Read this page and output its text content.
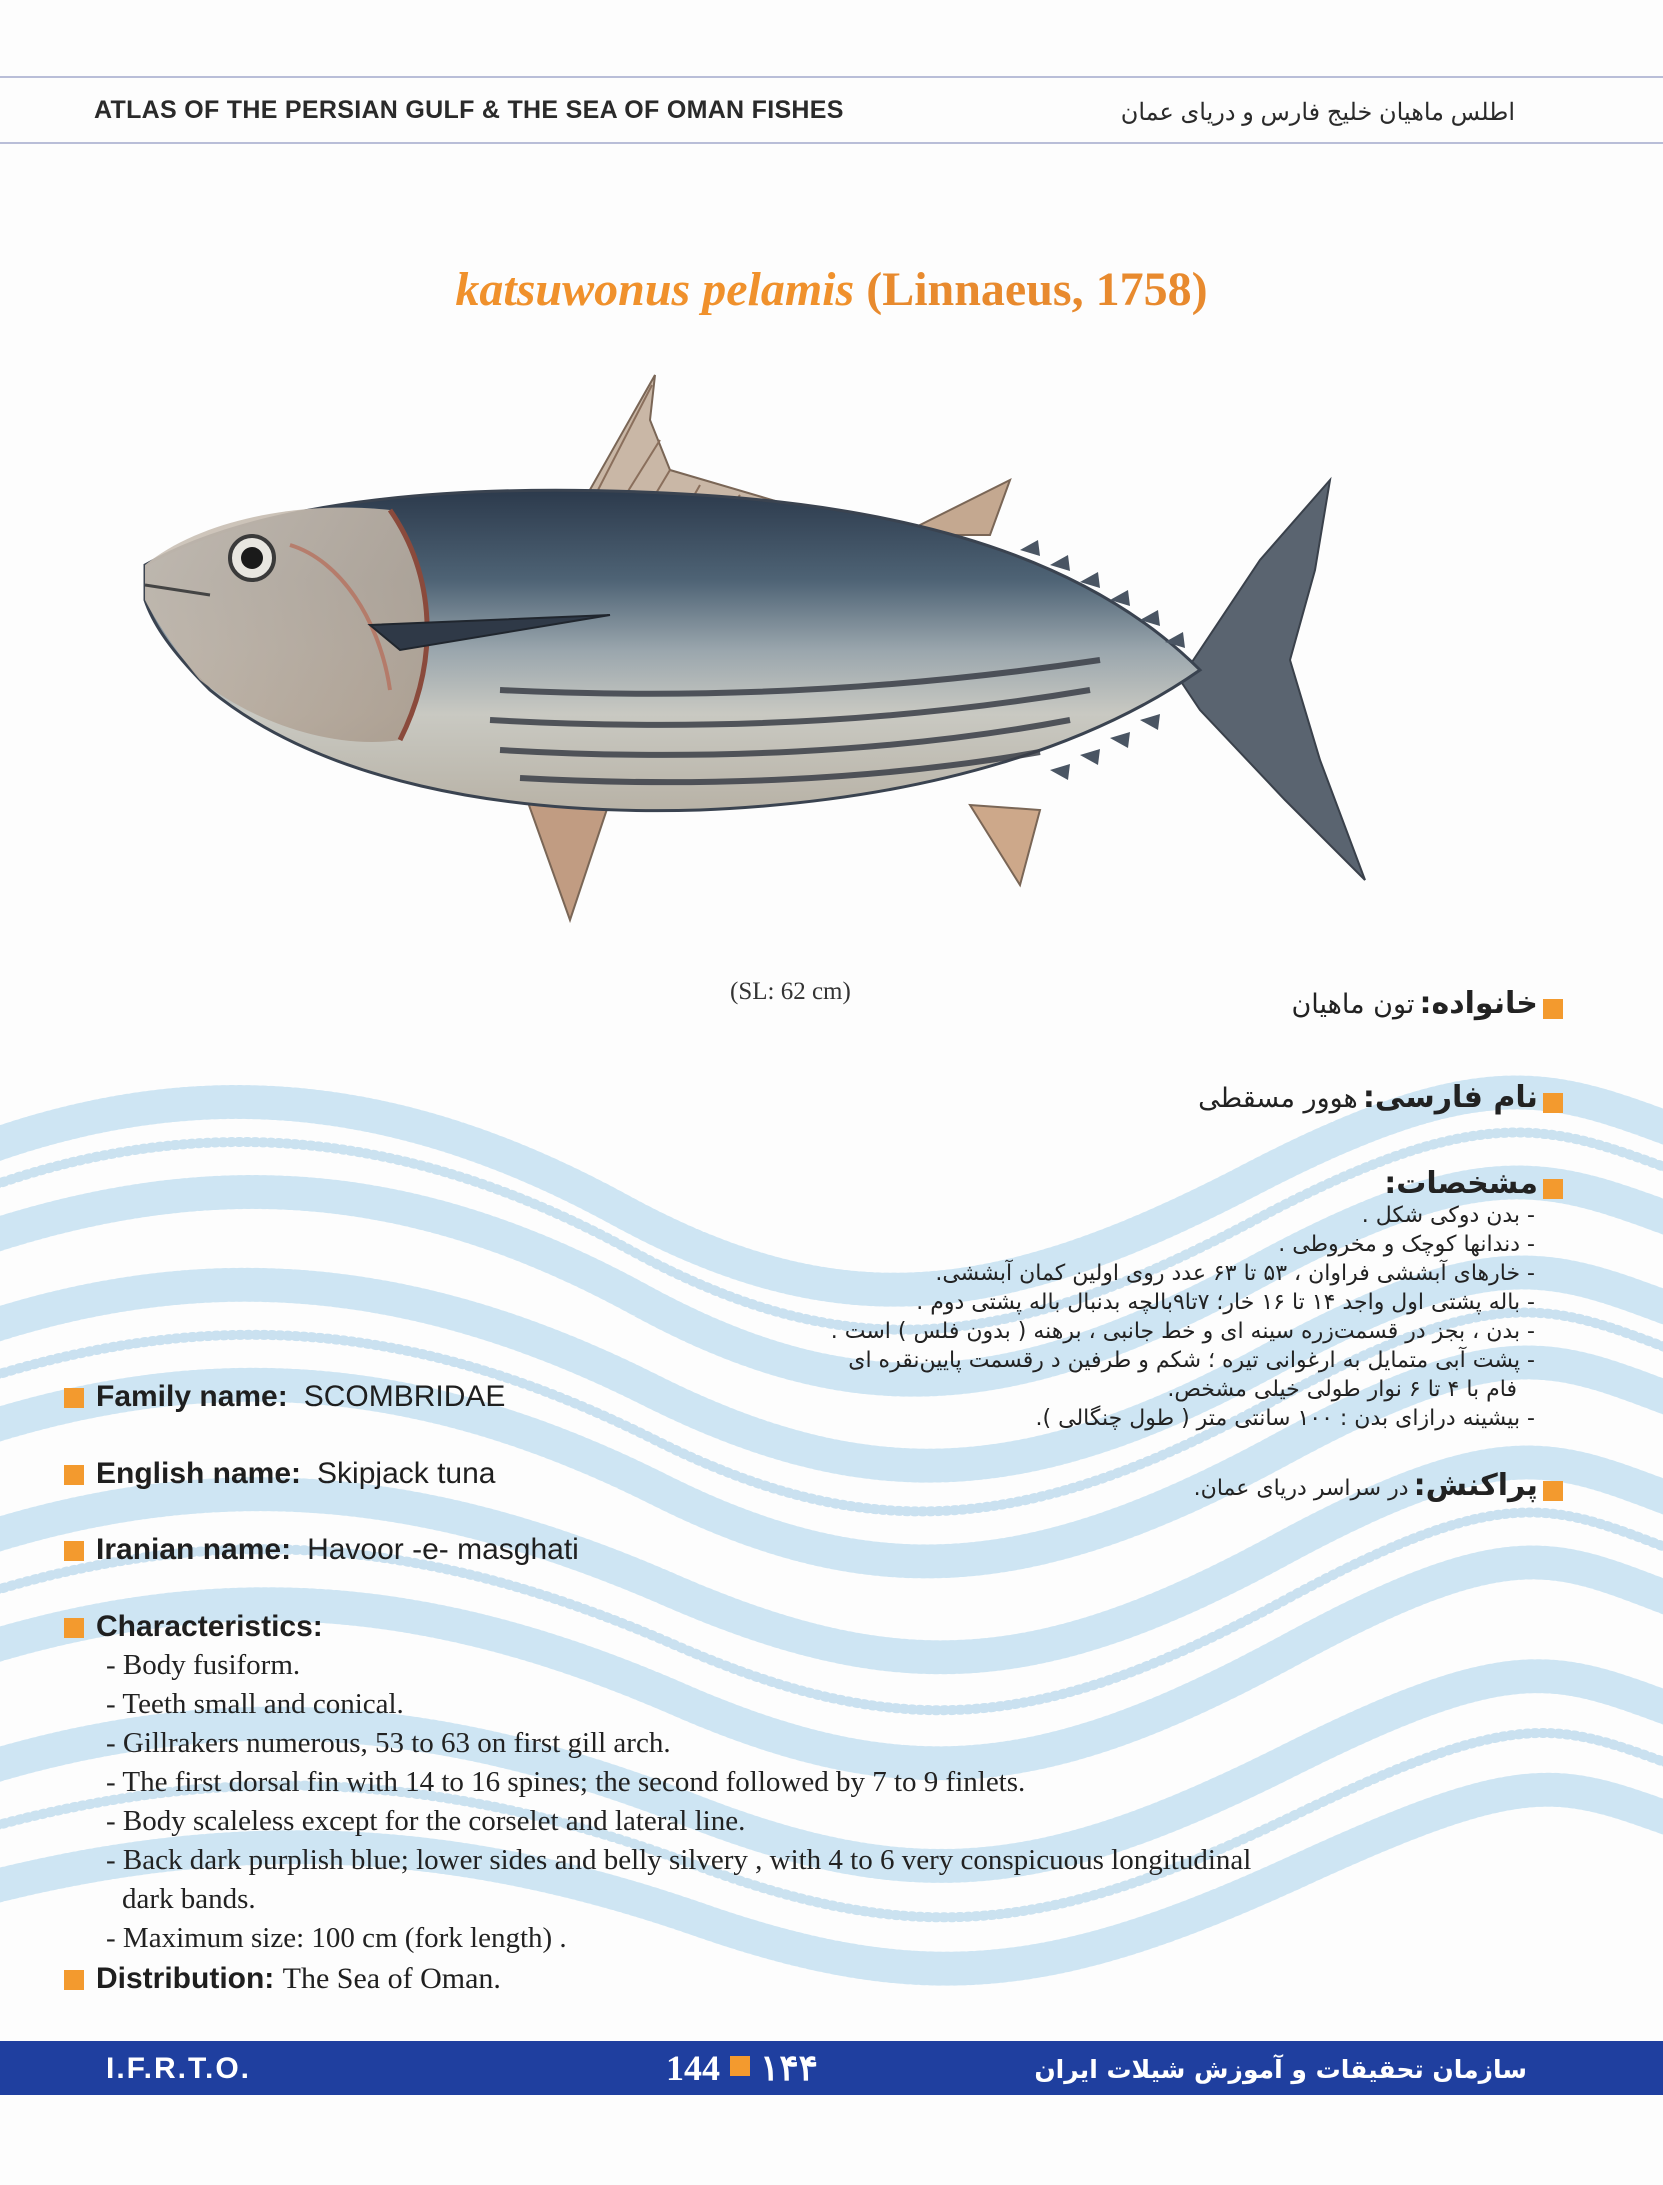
ATLAS OF THE PERSIAN GULF & THE SEA OF OMAN FISHES	اطلس ماهیان خلیج فارس و دریای عمان
katsuwonus pelamis (Linnaeus, 1758)
(SL: 62 cm)	خانواده: تون ماهیان
نام فارسی: هوور مسقطی
مشخصات:
- بدن دوکی شکل .
- دندانها کوچک و مخروطی .
- خارهای آبششی فراوان ، ۵۳ تا ۶۳ عدد روی اولین کمان آبششی.
- باله پشتی اول واجد ۱۴ تا ۱۶ خار؛ ۷تا۹بالچه بدنبال باله پشتی دوم .
- بدن ، بجز در قسمت‌زره سینه ای و خط جانبی ، برهنه ( بدون فلس ) است .
- پشت آبی متمایل به ارغوانی تیره ؛ شکم و طرفین د رقسمت پایین‌نقره ای
فام با ۴ تا ۶ نوار طولی خیلی مشخص.
- بیشینه درازای بدن : ۱۰۰ سانتی متر ( طول چنگالی ).
پراکنش: در سراسر دریای عمان.
Family name: SCOMBRIDAE
English name: Skipjack tuna
Iranian name: Havoor -e- masghati
Characteristics:
- Body fusiform.
- Teeth small and conical.
- Gillrakers numerous, 53 to 63 on first gill arch.
- The first dorsal fin with 14 to 16 spines; the second followed by 7 to 9 finlets.
- Body scaleless except for the corselet and lateral line.
- Back dark purplish blue; lower sides and belly silvery , with 4 to 6 very conspicuous longitudinal
dark bands.
- Maximum size: 100 cm (fork length) .
Distribution: The Sea of Oman.
I.F.R.T.O.	144 ۱۴۴	سازمان تحقیقات و آموزش شیلات ایران
